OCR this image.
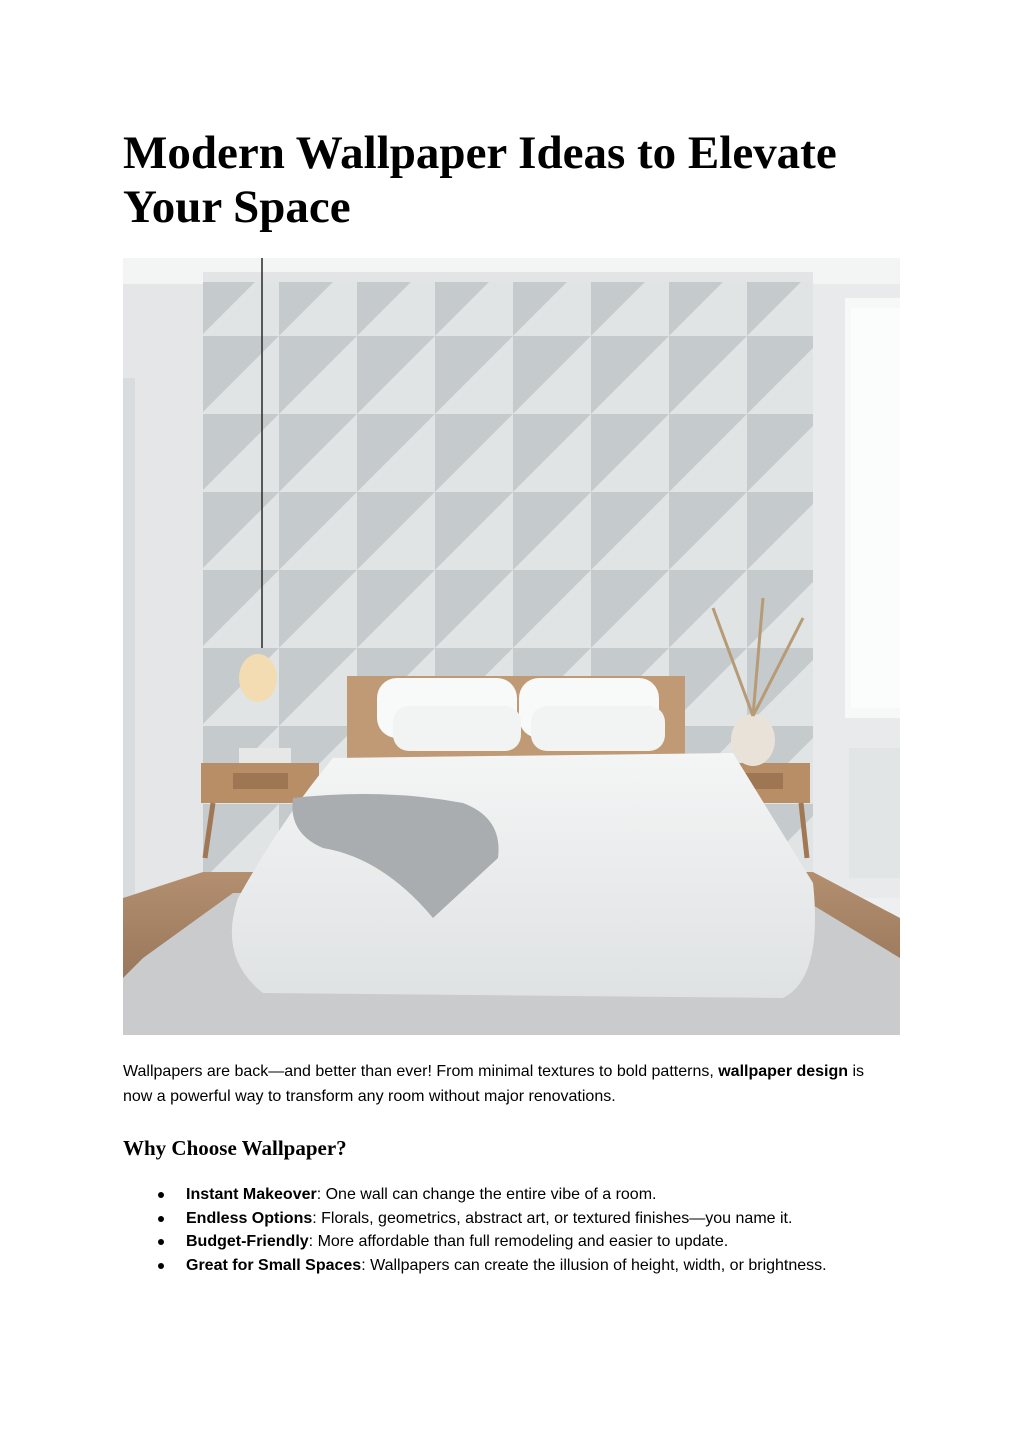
Modern Wallpaper Ideas to Elevate Your Space

Wallpapers are back—and better than ever! From minimal textures to bold patterns, wallpaper design is now a powerful way to transform any room without major renovations.

Why Choose Wallpaper?
Instant Makeover: One wall can change the entire vibe of a room.
Endless Options: Florals, geometrics, abstract art, or textured finishes—you name it.
Budget-Friendly: More affordable than full remodeling and easier to update.
Great for Small Spaces: Wallpapers can create the illusion of height, width, or brightness.
